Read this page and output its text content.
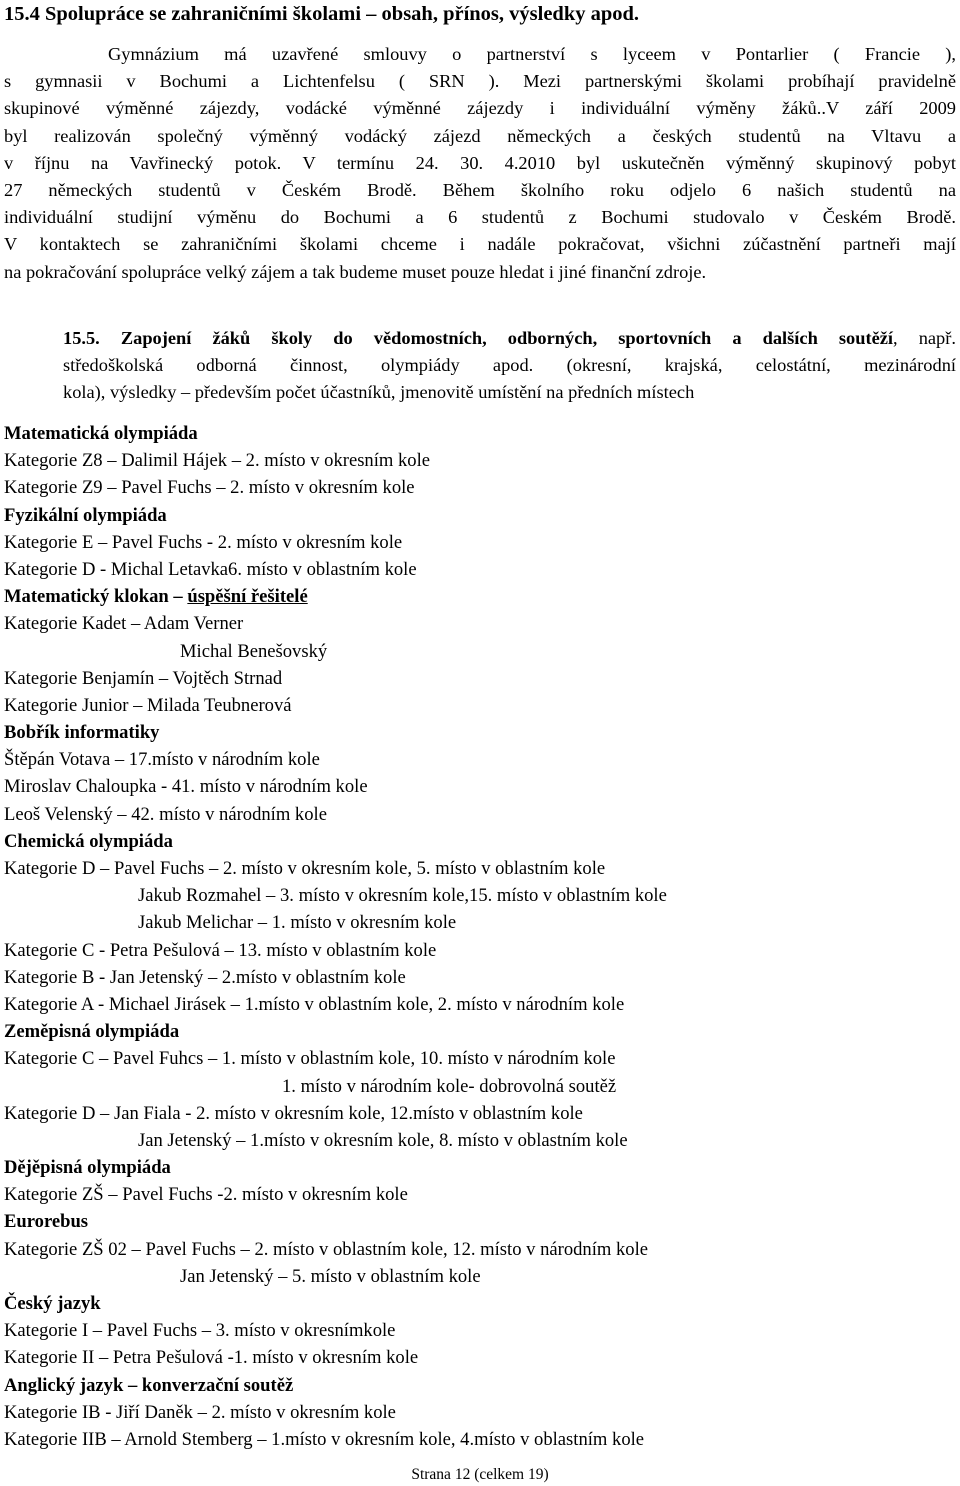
15.4 Spolupráce se zahraničními školami – obsah, přínos, výsledky apod.
Gymnázium má uzavřené smlouvy o partnerství s lyceem v Pontarlier ( Francie ),
s gymnasii v Bochumi a Lichtenfelsu ( SRN ). Mezi partnerskými školami probíhají pravidelně
skupinové výměnné zájezdy, vodácké výměnné zájezdy i individuální výměny žáků..V září 2009
byl realizován společný výměnný vodácký zájezd německých a českých studentů na Vltavu a
v říjnu na Vavřinecký potok. V termínu 24. 30. 4.2010 byl uskutečněn výměnný skupinový pobyt
27 německých studentů v Českém Brodě. Během školního roku odjelo 6 našich studentů na
individuální studijní výměnu do Bochumi a 6 studentů z Bochumi studovalo v Českém Brodě.
V kontaktech se zahraničními školami chceme i nadále pokračovat, všichni zúčastnění partneři mají
na pokračování spolupráce velký zájem a tak budeme muset pouze hledat i jiné finanční zdroje.
15.5. Zapojení žáků školy do vědomostních, odborných, sportovních a dalších soutěží, např.
středoškolská odborná činnost, olympiády apod. (okresní, krajská, celostátní, mezinárodní
kola), výsledky – především počet účastníků, jmenovitě umístění na předních místech
Matematická olympiáda
Kategorie Z8 – Dalimil Hájek – 2. místo v okresním kole
Kategorie Z9 – Pavel Fuchs – 2. místo v okresním kole
Fyzikální olympiáda
Kategorie E – Pavel Fuchs - 2. místo v okresním kole
Kategorie D - Michal Letavka6. místo v oblastním kole
Matematický klokan – úspěšní řešitelé
Kategorie Kadet – Adam Verner
Michal Benešovský
Kategorie Benjamín – Vojtěch Strnad
Kategorie Junior – Milada Teubnerová
Bobřík informatiky
Štěpán Votava – 17.místo v národním kole
Miroslav Chaloupka - 41. místo v národním kole
Leoš Velenský – 42. místo v národním kole
Chemická olympiáda
Kategorie D – Pavel Fuchs – 2. místo v okresním kole, 5. místo v oblastním kole
Jakub Rozmahel – 3. místo v okresním kole,15. místo v oblastním kole
Jakub Melichar – 1. místo v okresním kole
Kategorie C - Petra Pešulová – 13. místo v oblastním kole
Kategorie B - Jan Jetenský – 2.místo v oblastním kole
Kategorie A - Michael Jirásek – 1.místo v oblastním kole, 2. místo v národním kole
Zeměpisná olympiáda
Kategorie C – Pavel Fuhcs – 1. místo v oblastním kole, 10. místo v národním kole
1. místo v národním kole- dobrovolná soutěž
Kategorie D – Jan Fiala - 2. místo v okresním kole, 12.místo v oblastním kole
Jan Jetenský – 1.místo v okresním kole, 8. místo v oblastním kole
Dějěpisná olympiáda
Kategorie ZŠ – Pavel Fuchs -2. místo v okresním kole
Eurorebus
Kategorie ZŠ 02 – Pavel Fuchs – 2. místo v oblastním kole, 12. místo v národním kole
Jan Jetenský – 5. místo v oblastním kole
Český jazyk
Kategorie I – Pavel Fuchs – 3. místo v okresnímkole
Kategorie II – Petra Pešulová -1. místo v okresním kole
Anglický jazyk – konverzační soutěž
Kategorie IB - Jiří Daněk – 2. místo v okresním kole
Kategorie IIB – Arnold Stemberg – 1.místo v okresním kole, 4.místo v oblastním kole
Strana 12 (celkem 19)
